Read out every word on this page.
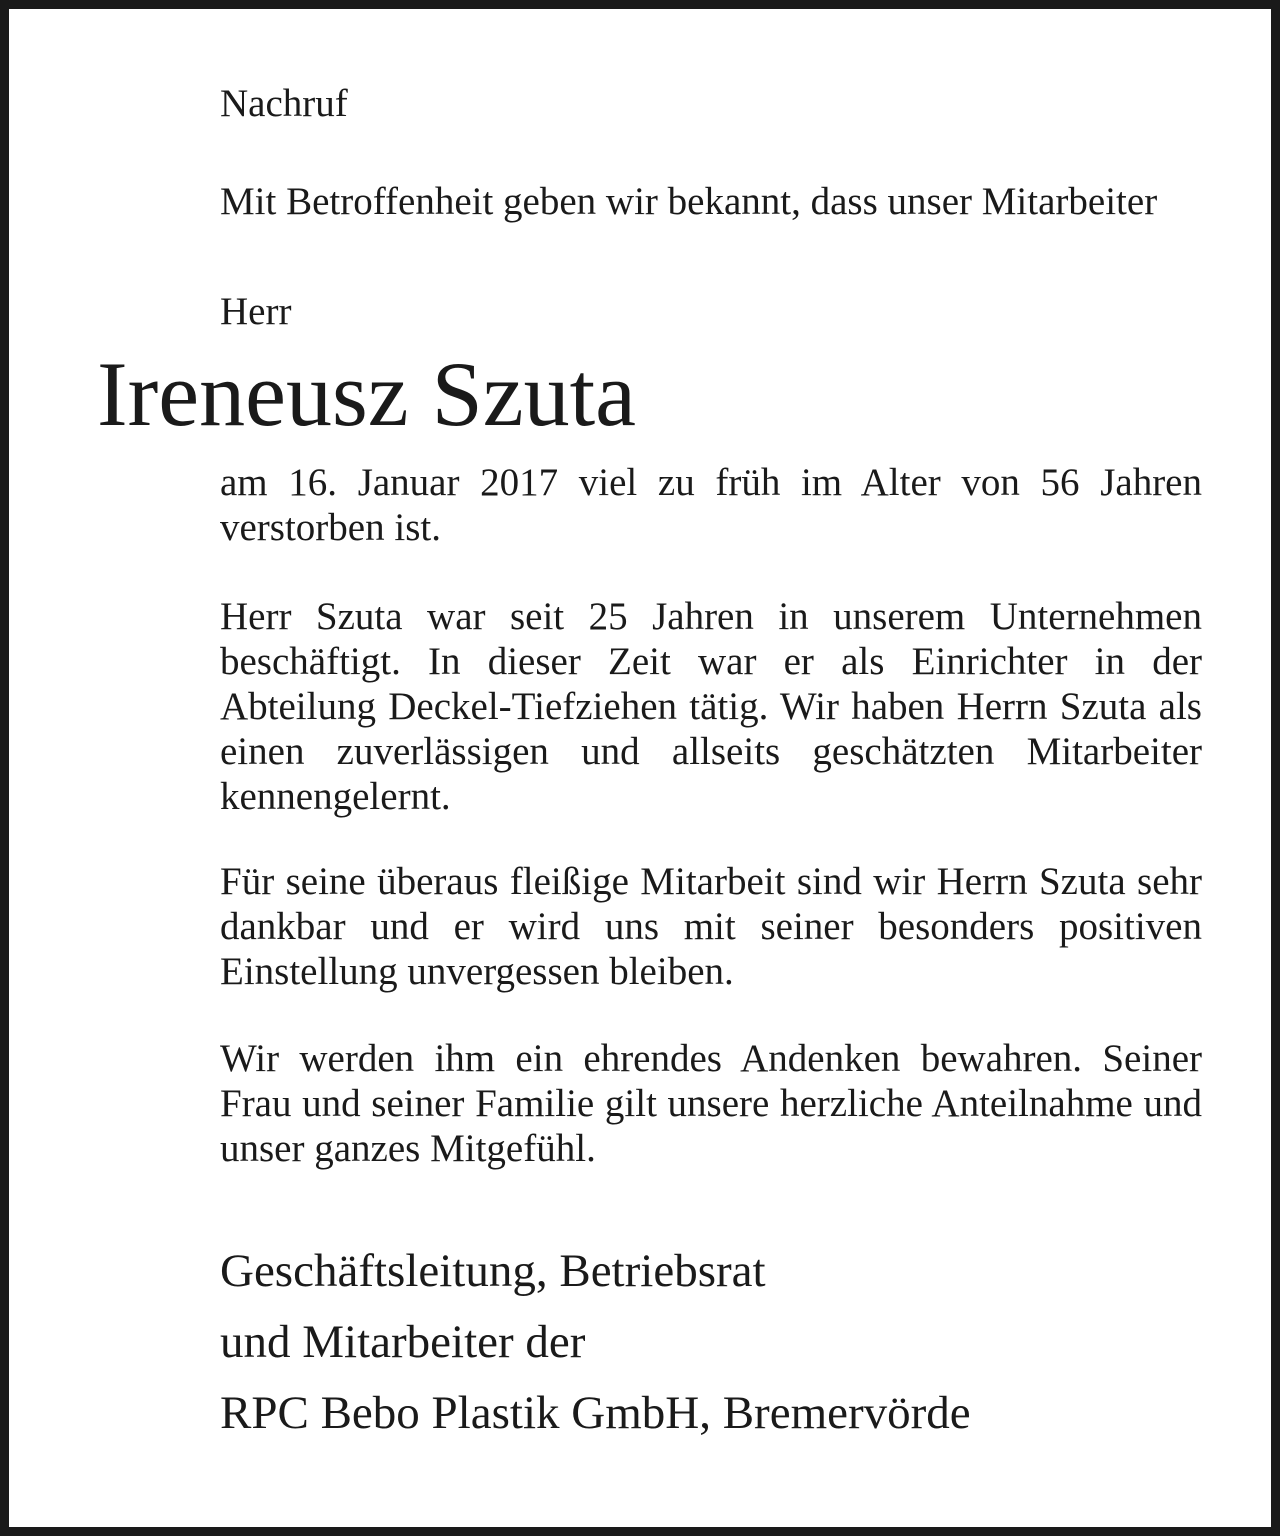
Nachruf

Mit Betroffenheit geben wir bekannt, dass unser Mitarbeiter

Herr

Ireneusz Szuta

am 16. Januar 2017 viel zu früh im Alter von 56 Jahren verstorben ist.

Herr Szuta war seit 25 Jahren in unserem Unternehmen beschäftigt. In dieser Zeit war er als Einrichter in der Abteilung Deckel-Tiefziehen tätig. Wir haben Herrn Szuta als einen zuverlässigen und allseits geschätzten Mitarbeiter kennengelernt.

Für seine überaus fleißige Mitarbeit sind wir Herrn Szuta sehr dankbar und er wird uns mit seiner besonders positiven Einstellung unvergessen bleiben.

Wir werden ihm ein ehrendes Andenken bewahren. Seiner Frau und seiner Familie gilt unsere herzliche Anteilnahme und unser ganzes Mitgefühl.

Geschäftsleitung, Betriebsrat

und Mitarbeiter der

RPC Bebo Plastik GmbH, Bremervörde
